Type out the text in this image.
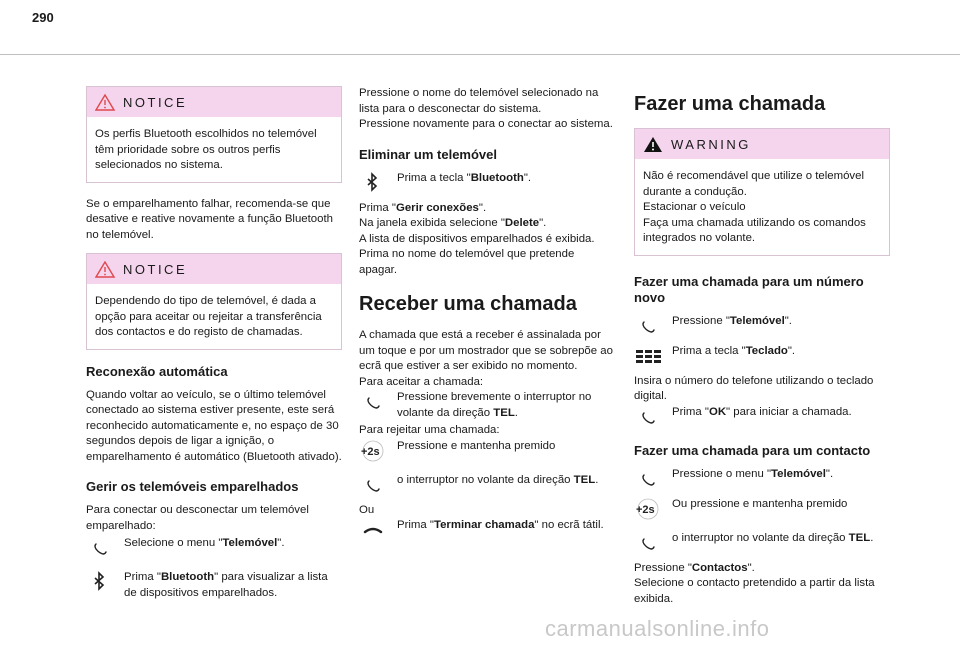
290
NOTICE
Os perfis Bluetooth escolhidos no telemóvel têm prioridade sobre os outros perfis selecionados no sistema.

Se o emparelhamento falhar, recomenda-se que desative e reative novamente a função Bluetooth no telemóvel.

NOTICE
Dependendo do tipo de telemóvel, é dada a opção para aceitar ou rejeitar a transferência dos contactos e do registo de chamadas.
Reconexão automática

Quando voltar ao veículo, se o último telemóvel conectado ao sistema estiver presente, este será reconhecido automaticamente e, no espaço de 30 segundos depois de ligar a ignição, o emparelhamento é automático (Bluetooth ativado).

Gerir os telemóveis emparelhados
Para conectar ou desconectar um telemóvel emparelhado:
Selecione o menu "Telemóvel".
Prima "Bluetooth" para visualizar a lista de dispositivos emparelhados.
Pressione o nome do telemóvel selecionado na lista para o desconectar do sistema.
Pressione novamente para o conectar ao sistema.
Eliminar um telemóvel
Prima a tecla "Bluetooth".
Prima "Gerir conexões".
Na janela exibida selecione "Delete".
A lista de dispositivos emparelhados é exibida.
Prima no nome do telemóvel que pretende apagar.
Receber uma chamada
A chamada que está a receber é assinalada por um toque e por um mostrador que se sobrepõe ao ecrã que estiver a ser exibido no momento.
Para aceitar a chamada:
Pressione brevemente o interruptor no volante da direção TEL.
Para rejeitar uma chamada:
+2s Pressione e mantenha premido
o interruptor no volante da direção TEL.
Ou
Prima "Terminar chamada" no ecrã tátil.
Fazer uma chamada
WARNING
Não é recomendável que utilize o telemóvel durante a condução.
Estacionar o veículo
Faça uma chamada utilizando os comandos integrados no volante.
Fazer uma chamada para um número novo
Pressione "Telemóvel".
Prima a tecla "Teclado".
Insira o número do telefone utilizando o teclado digital.
Prima "OK" para iniciar a chamada.
Fazer uma chamada para um contacto
Pressione o menu "Telemóvel".
+2s Ou pressione e mantenha premido
o interruptor no volante da direção TEL.
Pressione "Contactos".
Selecione o contacto pretendido a partir da lista exibida.
carmanualsonline.info
